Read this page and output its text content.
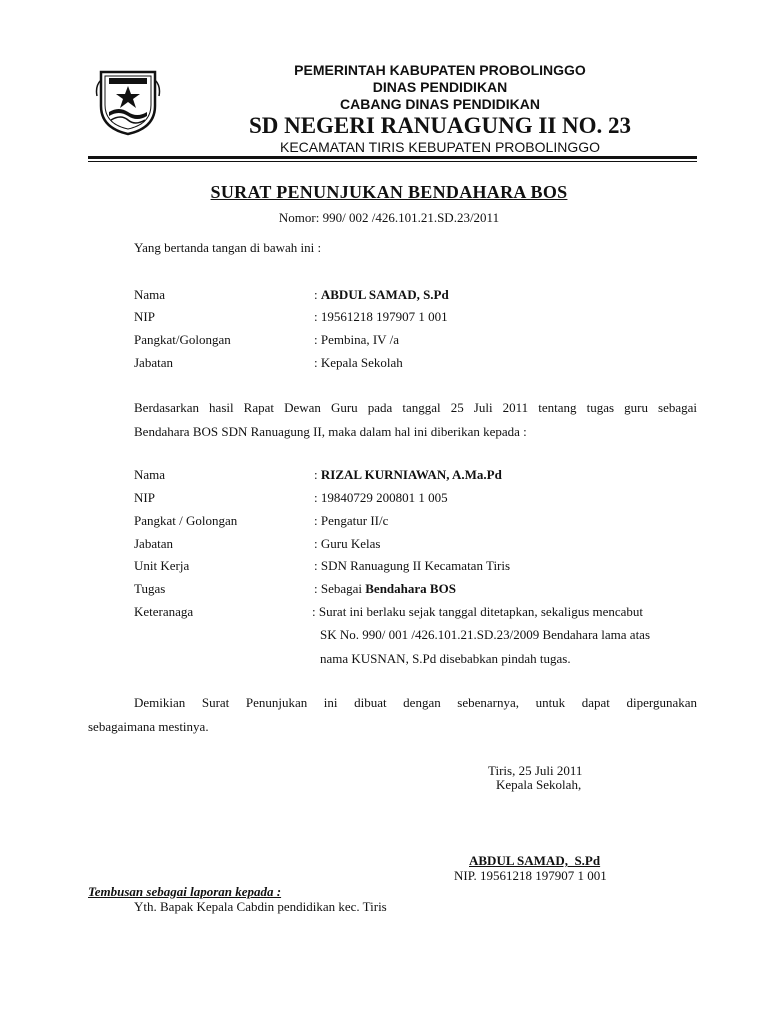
PEMERINTAH KABUPATEN PROBOLINGGO
DINAS PENDIDIKAN
CABANG DINAS PENDIDIKAN
SD NEGERI RANUAGUNG II NO. 23
KECAMATAN TIRIS KEBUPATEN PROBOLINGGO
SURAT PENUNJUKAN BENDAHARA BOS
Nomor: 990/ 002 /426.101.21.SD.23/2011
Yang bertanda tangan di bawah ini :
Nama	: ABDUL SAMAD, S.Pd
NIP	: 19561218 197907 1 001
Pangkat/Golongan	: Pembina, IV /a
Jabatan	: Kepala Sekolah
Berdasarkan hasil Rapat Dewan Guru pada tanggal 25 Juli 2011 tentang tugas guru sebagai
Bendahara BOS SDN Ranuagung II, maka dalam hal ini diberikan kepada :
Nama	: RIZAL KURNIAWAN, A.Ma.Pd
NIP	: 19840729 200801 1 005
Pangkat / Golongan	: Pengatur II/c
Jabatan	: Guru Kelas
Unit Kerja	: SDN Ranuagung II Kecamatan Tiris
Tugas	: Sebagai Bendahara BOS
Keteranaga	: Surat ini berlaku sejak tanggal ditetapkan, sekaligus mencabut
SK No. 990/ 001 /426.101.21.SD.23/2009 Bendahara lama atas
nama KUSNAN, S.Pd disebabkan pindah tugas.
Demikian Surat Penunjukan ini dibuat dengan sebenarnya, untuk dapat dipergunakan
sebagaimana mestinya.
Tiris, 25 Juli 2011
Kepala Sekolah,
ABDUL SAMAD,  S.Pd
NIP. 19561218 197907 1 001
Tembusan sebagai laporan kepada :
Yth. Bapak Kepala Cabdin pendidikan kec. Tiris
